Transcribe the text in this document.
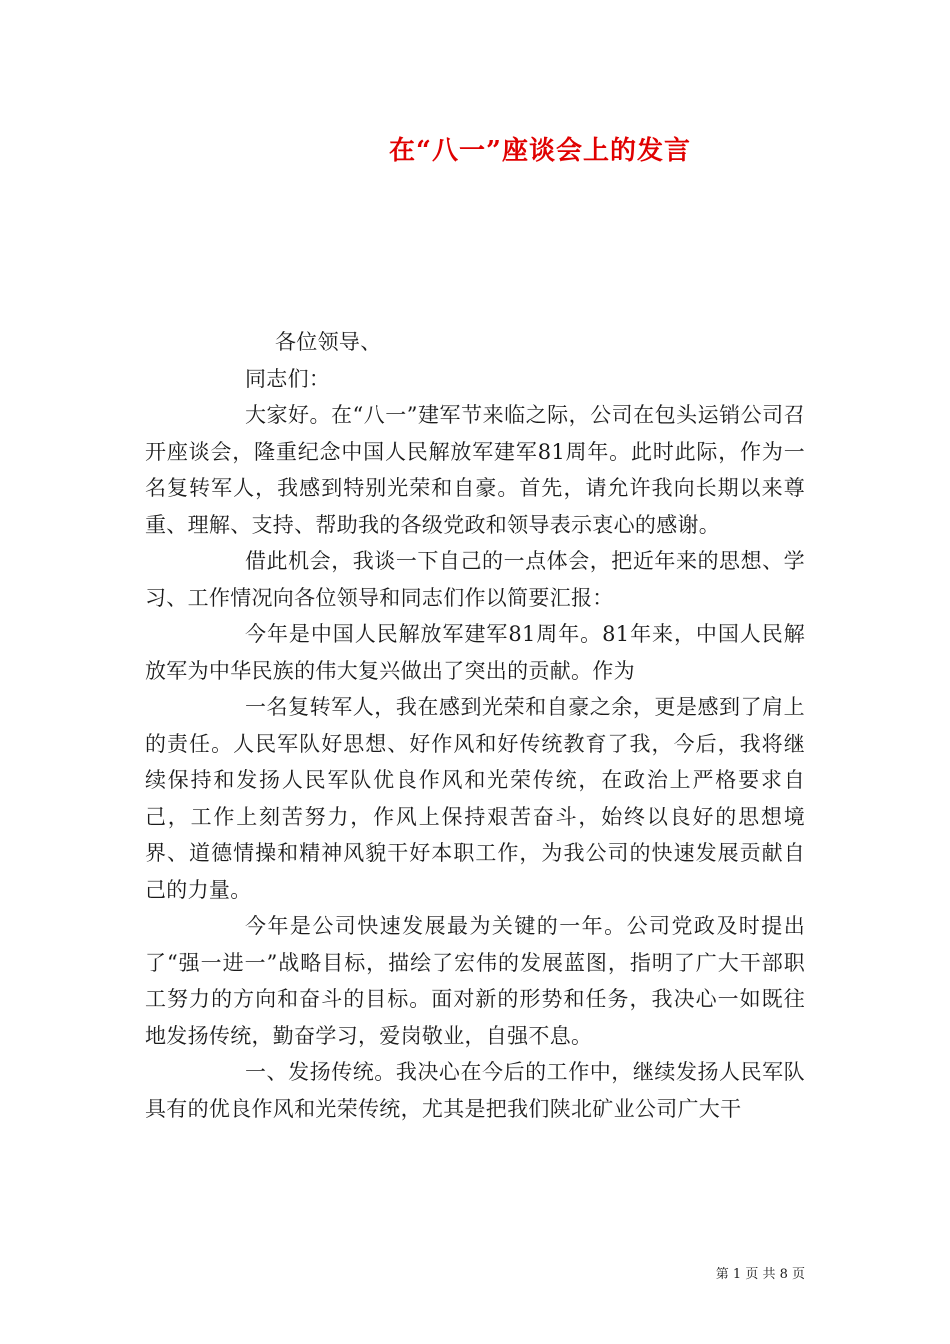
在“八一”座谈会上的发言

各位领导、

同志们：

大家好。在“八一”建军节来临之际，公司在包头运销公司召开座谈会，隆重纪念中国人民解放军建军81周年。此时此际，作为一名复转军人，我感到特别光荣和自豪。首先，请允许我向长期以来尊重、理解、支持、帮助我的各级党政和领导表示衷心的感谢。

借此机会，我谈一下自己的一点体会，把近年来的思想、学习、工作情况向各位领导和同志们作以简要汇报：

今年是中国人民解放军建军81周年。81年来，中国人民解放军为中华民族的伟大复兴做出了突出的贡献。作为

一名复转军人，我在感到光荣和自豪之余，更是感到了肩上的责任。人民军队好思想、好作风和好传统教育了我，今后，我将继续保持和发扬人民军队优良作风和光荣传统，在政治上严格要求自己，工作上刻苦努力，作风上保持艰苦奋斗，始终以良好的思想境界、道德情操和精神风貌干好本职工作，为我公司的快速发展贡献自己的力量。

今年是公司快速发展最为关键的一年。公司党政及时提出了“强一进一”战略目标，描绘了宏伟的发展蓝图，指明了广大干部职工努力的方向和奋斗的目标。面对新的形势和任务，我决心一如既往地发扬传统，勤奋学习，爱岗敬业，自强不息。

一、发扬传统。我决心在今后的工作中，继续发扬人民军队具有的优良作风和光荣传统，尤其是把我们陕北矿业公司广大干

第 1 页 共 8 页
